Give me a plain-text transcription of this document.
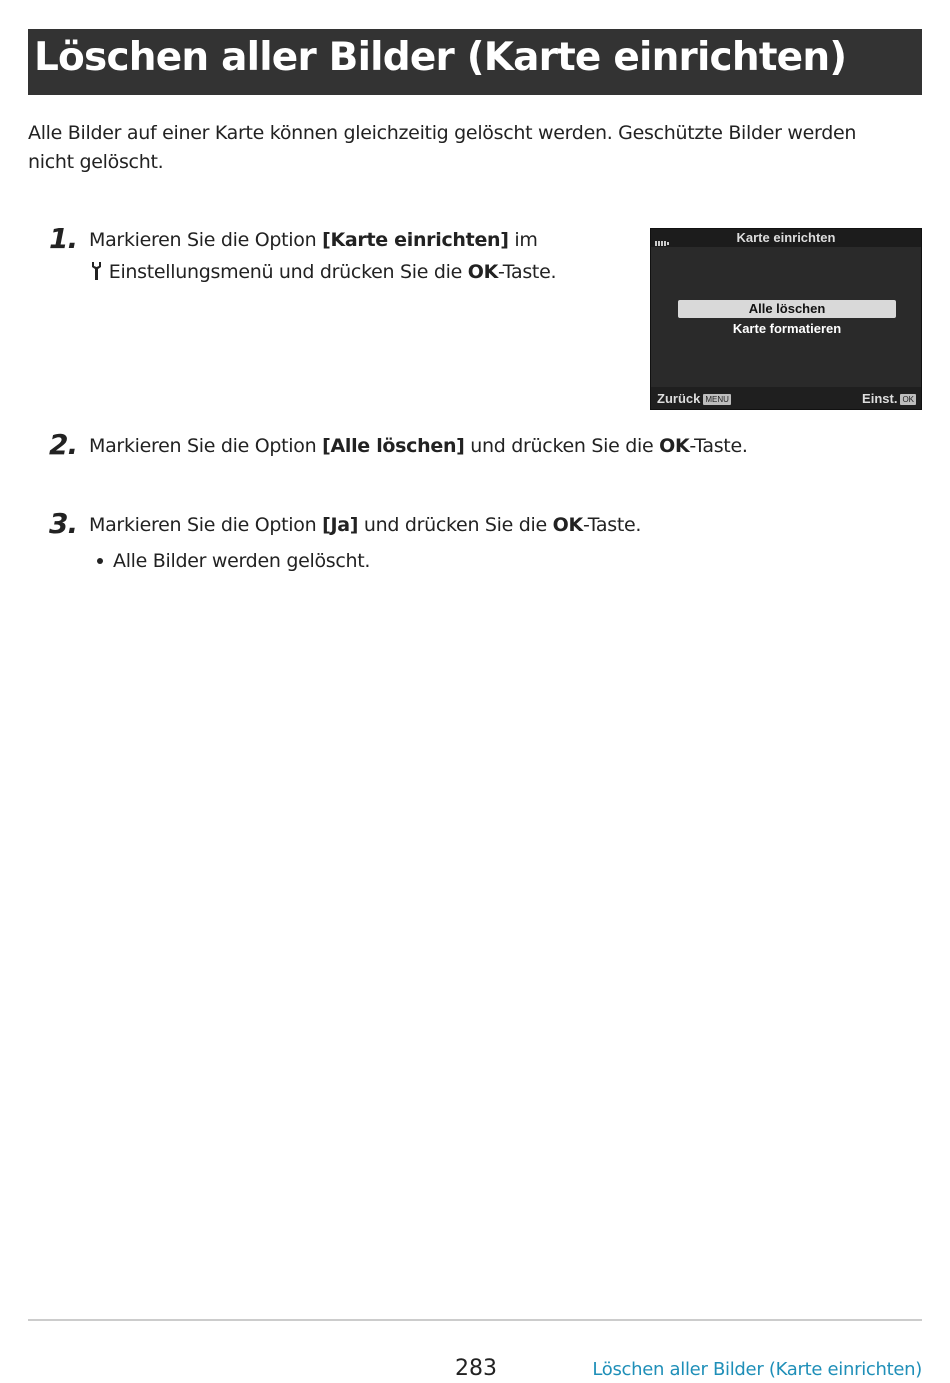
Löschen aller Bilder (Karte einrichten)
Alle Bilder auf einer Karte können gleichzeitig gelöscht werden. Geschützte Bilder werden nicht gelöscht.
1. Markieren Sie die Option [Karte einrichten] im
Einstellungsmenü und drücken Sie die OK-Taste.
Karte einrichten
Alle löschen
Karte formatieren
Zurück MENU	Einst. OK
2. Markieren Sie die Option [Alle löschen] und drücken Sie die OK-Taste.
3. Markieren Sie die Option [Ja] und drücken Sie die OK-Taste.
Alle Bilder werden gelöscht.
283	Löschen aller Bilder (Karte einrichten)
